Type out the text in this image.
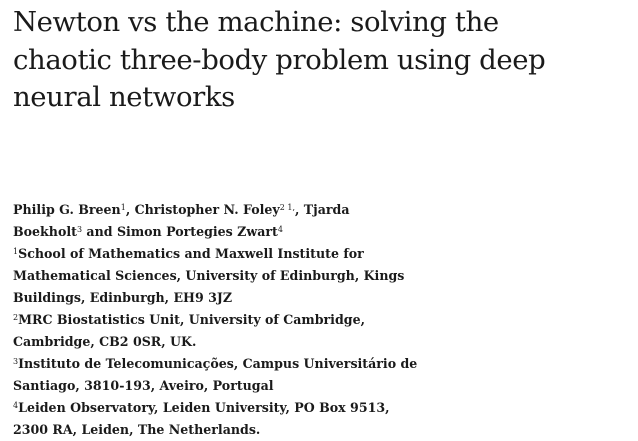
Newton vs the machine: solving the
chaotic three-body problem using deep
neural networks
Philip G. Breen$^1$, Christopher N. Foley$^{2 1,}$, Tjarda
Boekholt$^3$ and Simon Portegies Zwart$^4$
$^1$School of Mathematics and Maxwell Institute for
Mathematical Sciences, University of Edinburgh, Kings
Buildings, Edinburgh, EH9 3JZ
$^2$MRC Biostatistics Unit, University of Cambridge,
Cambridge, CB2 0SR, UK.
$^3$Instituto de Telecomunicações, Campus Universitário de
Santiago, 3810-193, Aveiro, Portugal
$^4$Leiden Observatory, Leiden University, PO Box 9513,
2300 RA, Leiden, The Netherlands.
